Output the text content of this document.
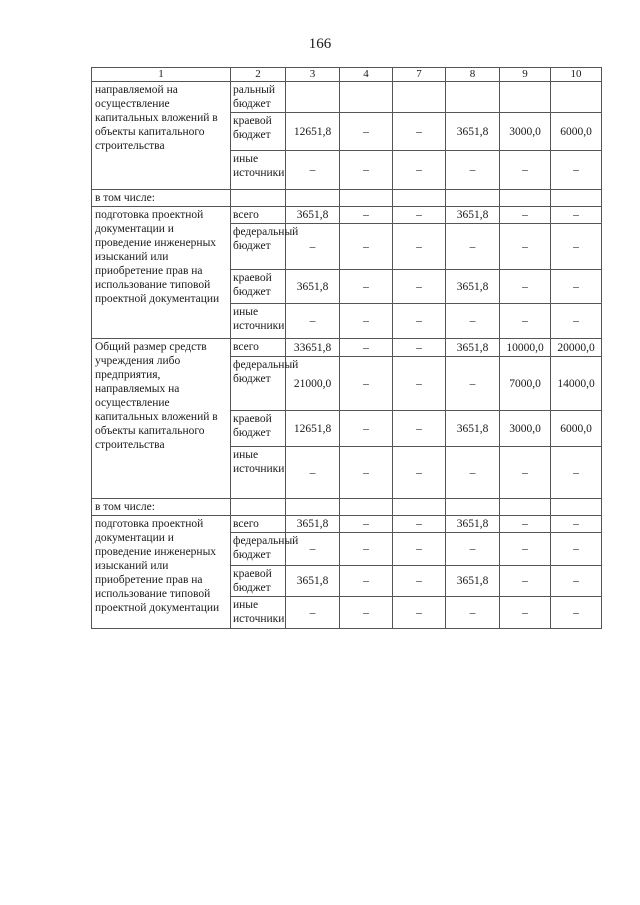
166
1	2	3	4	7	8	9	10
направляемой на осуществление капитальных вложений в объекты капитального строительства	ральный бюджет						
	краевой бюджет	12651,8	–	–	3651,8	3000,0	6000,0
	иные источники	–	–	–	–	–	–
в том числе:							
подготовка проектной документации и проведение инженерных изысканий или приобретение прав на использование типовой проектной документации	всего	3651,8	–	–	3651,8	–	–
	федеральный бюджет	–	–	–	–	–	–
	краевой бюджет	3651,8	–	–	3651,8	–	–
	иные источники	–	–	–	–	–	–
Общий размер средств учреждения либо предприятия, направляемых на осуществление капитальных вложений в объекты капитального строительства	всего	33651,8	–	–	3651,8	10000,0	20000,0
	федеральный бюджет	21000,0	–	–	–	7000,0	14000,0
	краевой бюджет	12651,8	–	–	3651,8	3000,0	6000,0
	иные источники	–	–	–	–	–	–
в том числе:							
подготовка проектной документации и проведение инженерных изысканий или приобретение прав на использование типовой проектной документации	всего	3651,8	–	–	3651,8	–	–
	федеральный бюджет	–	–	–	–	–	–
	краевой бюджет	3651,8	–	–	3651,8	–	–
	иные источники	–	–	–	–	–	–
